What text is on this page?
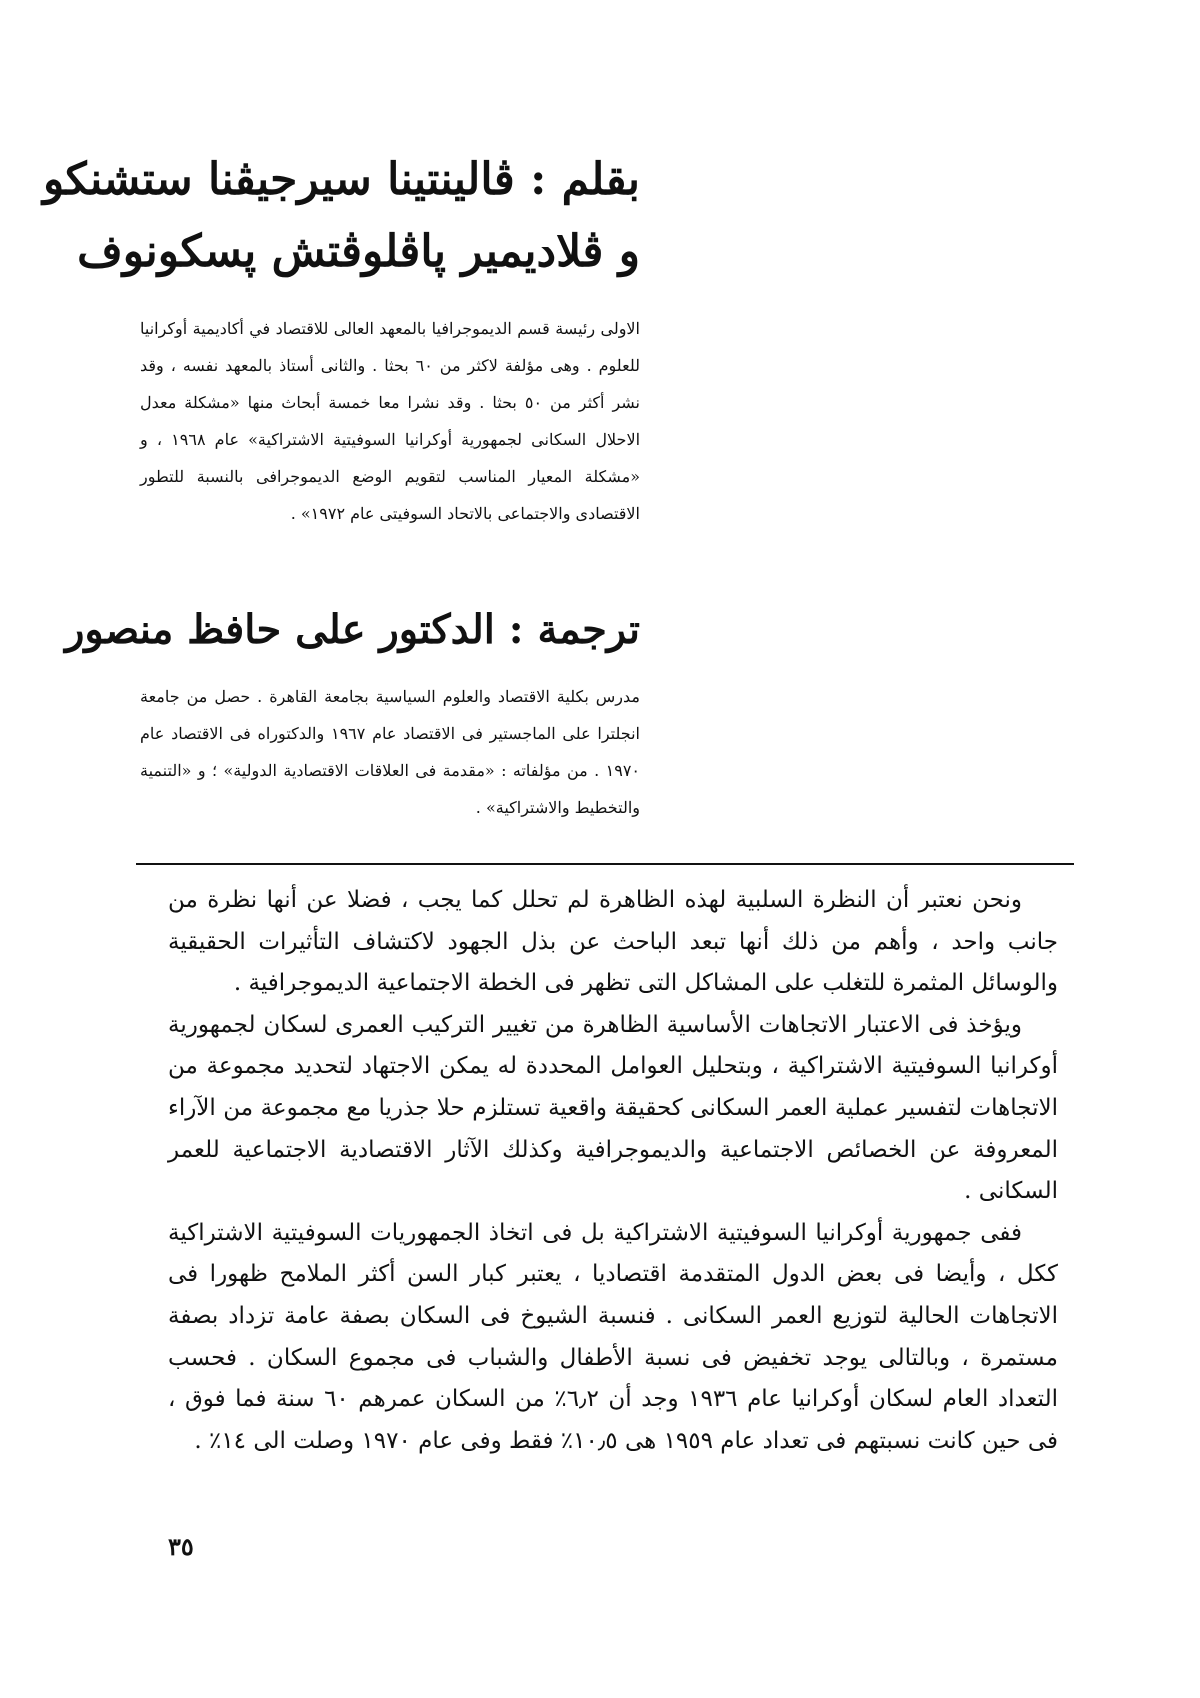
بقلم : ڤالينتينا سيرجيڤنا ستشنكو
و ڤلاديمير پاڤلوڤتش پسكونوف
الاولى رئيسة قسم الديموجرافيا بالمعهد العالى للاقتصاد في أكاديمية أوكرانيا للعلوم . وهى مؤلفة لاكثر من ٦٠ بحثا . والثانى أستاذ بالمعهد نفسه ، وقد نشر أكثر من ٥٠ بحثا . وقد نشرا معا خمسة أبحاث منها «مشكلة معدل الاحلال السكانى لجمهورية أوكرانيا السوفيتية الاشتراكية» عام ١٩٦٨ ، و «مشكلة المعيار المناسب لتقويم الوضع الديموجرافى بالنسبة للتطور الاقتصادى والاجتماعى بالاتحاد السوفيتى عام ١٩٧٢» .
ترجمة : الدكتور على حافظ منصور
مدرس بكلية الاقتصاد والعلوم السياسية بجامعة القاهرة . حصل من جامعة انجلترا على الماجستير فى الاقتصاد عام ١٩٦٧ والدكتوراه فى الاقتصاد عام ١٩٧٠ . من مؤلفاته : «مقدمة فى العلاقات الاقتصادية الدولية» ؛ و «التنمية والتخطيط والاشتراكية» .

ونحن نعتبر أن النظرة السلبية لهذه الظاهرة لم تحلل كما يجب ، فضلا عن أنها نظرة من جانب واحد ، وأهم من ذلك أنها تبعد الباحث عن بذل الجهود لاكتشاف التأثيرات الحقيقية والوسائل المثمرة للتغلب على المشاكل التى تظهر فى الخطة الاجتماعية الديموجرافية .

ويؤخذ فى الاعتبار الاتجاهات الأساسية الظاهرة من تغيير التركيب العمرى لسكان لجمهورية أوكرانيا السوفيتية الاشتراكية ، وبتحليل العوامل المحددة له يمكن الاجتهاد لتحديد مجموعة من الاتجاهات لتفسير عملية العمر السكانى كحقيقة واقعية تستلزم حلا جذريا مع مجموعة من الآراء المعروفة عن الخصائص الاجتماعية والديموجرافية وكذلك الآثار الاقتصادية الاجتماعية للعمر السكانى .

ففى جمهورية أوكرانيا السوفيتية الاشتراكية بل فى اتخاذ الجمهوريات السوفيتية الاشتراكية ككل ، وأيضا فى بعض الدول المتقدمة اقتصاديا ، يعتبر كبار السن أكثر الملامح ظهورا فى الاتجاهات الحالية لتوزيع العمر السكانى . فنسبة الشيوخ فى السكان بصفة عامة تزداد بصفة مستمرة ، وبالتالى يوجد تخفيض فى نسبة الأطفال والشباب فى مجموع السكان . فحسب التعداد العام لسكان أوكرانيا عام ١٩٣٦ وجد أن ٦٫٢٪ من السكان عمرهم ٦٠ سنة فما فوق ، فى حين كانت نسبتهم فى تعداد عام ١٩٥٩ هى ١٠٫٥٪ فقط وفى عام ١٩٧٠ وصلت الى ١٤٪ .

٣٥
